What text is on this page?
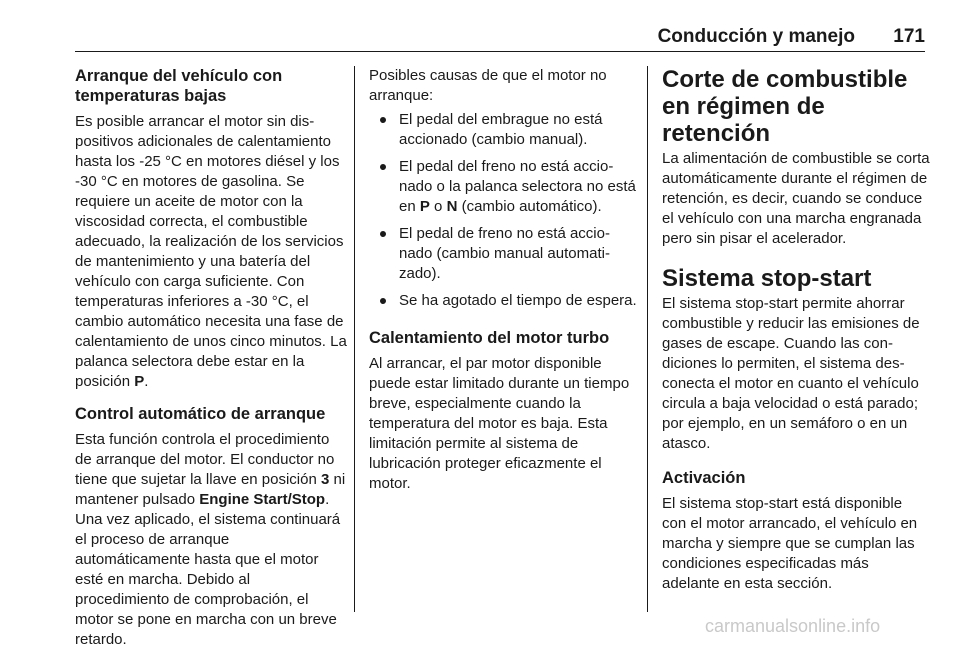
Conducción y manejo 171

Arranque del vehículo con temperaturas bajas

Es posible arrancar el motor sin dispositivos adicionales de calentamiento hasta los -25 °C en motores diésel y los -30 °C en motores de gasolina. Se requiere un aceite de motor con la viscosidad correcta, el combustible adecuado, la realización de los servicios de mantenimiento y una batería del vehículo con carga suficiente. Con temperaturas inferiores a -30 °C, el cambio automático necesita una fase de calentamiento de unos cinco minutos. La palanca selectora debe estar en la posición P.

Control automático de arranque

Esta función controla el procedimiento de arranque del motor. El conductor no tiene que sujetar la llave en posición 3 ni mantener pulsado Engine Start/Stop. Una vez aplicado, el sistema continuará el proceso de arranque automáticamente hasta que el motor esté en marcha. Debido al procedimiento de comprobación, el motor se pone en marcha con un breve retardo.

Posibles causas de que el motor no arranque:

El pedal del embrague no está accionado (cambio manual).
El pedal del freno no está accionado o la palanca selectora no está en P o N (cambio automático).
El pedal de freno no está accionado (cambio manual automatizado).
Se ha agotado el tiempo de espera.

Calentamiento del motor turbo

Al arrancar, el par motor disponible puede estar limitado durante un tiempo breve, especialmente cuando la temperatura del motor es baja. Esta limitación permite al sistema de lubricación proteger eficazmente el motor.

Corte de combustible en régimen de retención

La alimentación de combustible se corta automáticamente durante el régimen de retención, es decir, cuando se conduce el vehículo con una marcha engranada pero sin pisar el acelerador.

Sistema stop-start

El sistema stop-start permite ahorrar combustible y reducir las emisiones de gases de escape. Cuando las condiciones lo permiten, el sistema desconecta el motor en cuanto el vehículo circula a baja velocidad o está parado; por ejemplo, en un semáforo o en un atasco.

Activación

El sistema stop-start está disponible con el motor arrancado, el vehículo en marcha y siempre que se cumplan las condiciones especificadas más adelante en esta sección.

carmanualsonline.info
